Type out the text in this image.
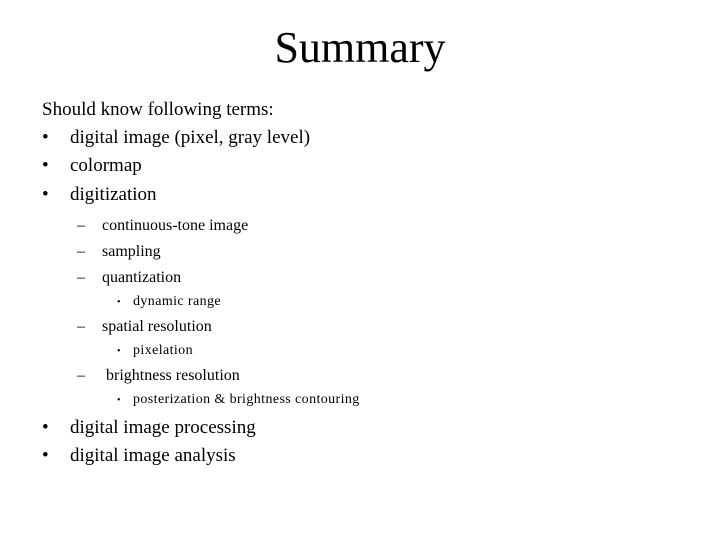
Summary
Should know following terms:
• digital image (pixel, gray level)
• colormap
• digitization
– continuous-tone image
– sampling
– quantization
• dynamic range
– spatial resolution
• pixelation
– brightness resolution
• posterization & brightness contouring
• digital image processing
• digital image analysis
